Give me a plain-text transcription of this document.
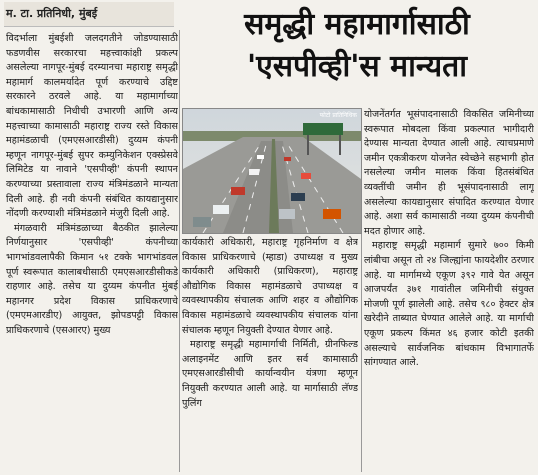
म. टा. प्रतिनिधी, मुंबई	समृद्धी महामार्गासाठी
'एसपीव्ही'स मान्यता
फोटो प्रातिनिधिक

विदर्भाला मुंबईशी जलदगतीने जोडण्यासाठी फडणवीस सरकारचा महत्त्वाकांक्षी प्रकल्प असलेल्या नागपूर-मुंबई दरम्यानचा महाराष्ट्र समृद्धी महामार्ग कालमर्यादेत पूर्ण करण्याचे उद्दिष्ट सरकारने ठरवले आहे. या महामार्गाच्या बांधकामासाठी निधीची उभारणी आणि अन्य महत्त्वाच्या कामासाठी महाराष्ट्र राज्य रस्ते विकास महामंडळाची (एमएसआरडीसी) दुय्यम कंपनी म्हणून नागपूर-मुंबई सुपर कम्युनिकेशन एक्स्प्रेसवे लिमिटेड या नावाने 'एसपीव्ही' कंपनी स्थापन करण्याच्या प्रस्तावाला राज्य मंत्रिमंडळाने मान्यता दिली आहे. ही नवी कंपनी संबंधित कायद्यानुसार नोंदणी करण्याशी मंत्रिमंडळाने मंजुरी दिली आहे.

मंगळवारी मंत्रिमंडळाच्या बैठकीत झालेल्या निर्णयानुसार 'एसपीव्ही' कंपनीच्या भागभांडवलापैकी किमान ५१ टक्के भागभांडवल पूर्ण स्वरूपात कालाबधीसाठी एमएसआरडीसीकडे राहणार आहे. तसेच या दुय्यम कंपनीत मुंबई महानगर प्रदेश विकास प्राधिकरणाचे (एमएमआरडीए) आयुक्त, झोपडपट्टी विकास प्राधिकरणाचे (एसआरए) मुख्य

कार्यकारी अधिकारी, महाराष्ट्र गृहनिर्माण व क्षेत्र विकास प्राधिकरणाचे (म्हाडा) उपाध्यक्ष व मुख्य कार्यकारी अधिकारी (प्राधिकरण), महाराष्ट्र औद्योगिक विकास महामंडळाचे उपाध्यक्ष व व्यवस्थापकीय संचालक आणि शहर व औद्योगिक विकास महामंडळाचे व्यवस्थापकीय संचालक यांना संचालक म्हणून नियुक्ती देण्यात येणार आहे.

महाराष्ट्र समृद्धी महामार्गाची निर्मिती, ग्रीनफिल्ड अलाइनमेंट आणि इतर सर्व कामासाठी एमएसआरडीसीची कार्यान्वयीन यंत्रणा म्हणून नियुक्ती करण्यात आली आहे. या मार्गासाठी लॅण्ड पुलिंग

योजनेंतर्गत भूसंपादनासाठी विकसित जमिनीच्या स्वरूपात मोबदला किंवा प्रकल्पात भागीदारी देण्यास मान्यता देण्यात आली आहे. त्याचप्रमाणे जमीन एकत्रीकरण योजनेत स्वेच्छेने सहभागी होत नसलेल्या जमीन मालक किंवा हितसंबंधित व्यक्तींची जमीन ही भूसंपादनासाठी लागू असलेल्या कायद्यानुसार संपादित करण्यात येणार आहे. अशा सर्व कामासाठी नव्या दुय्यम कंपनीची मदत होणार आहे.

महाराष्ट्र समृद्धी महामार्ग सुमारे ७०० किमी लांबीचा असून तो २४ जिल्ह्यांना फायदेशीर ठरणार आहे. या मार्गामध्ये एकूण ३९२ गावे येत असून आजपर्यंत ३७१ गावांतील जमिनीची संयुक्त मोजणी पूर्ण झालेली आहे. तसेच ९८० हेक्टर क्षेत्र खरेदीने ताब्यात घेण्यात आलेले आहे. या मार्गाची एकूण प्रकल्प किंमत ४६ हजार कोटी इतकी असल्याचे सार्वजनिक बांधकाम विभागातर्फे सांगण्यात आले.
